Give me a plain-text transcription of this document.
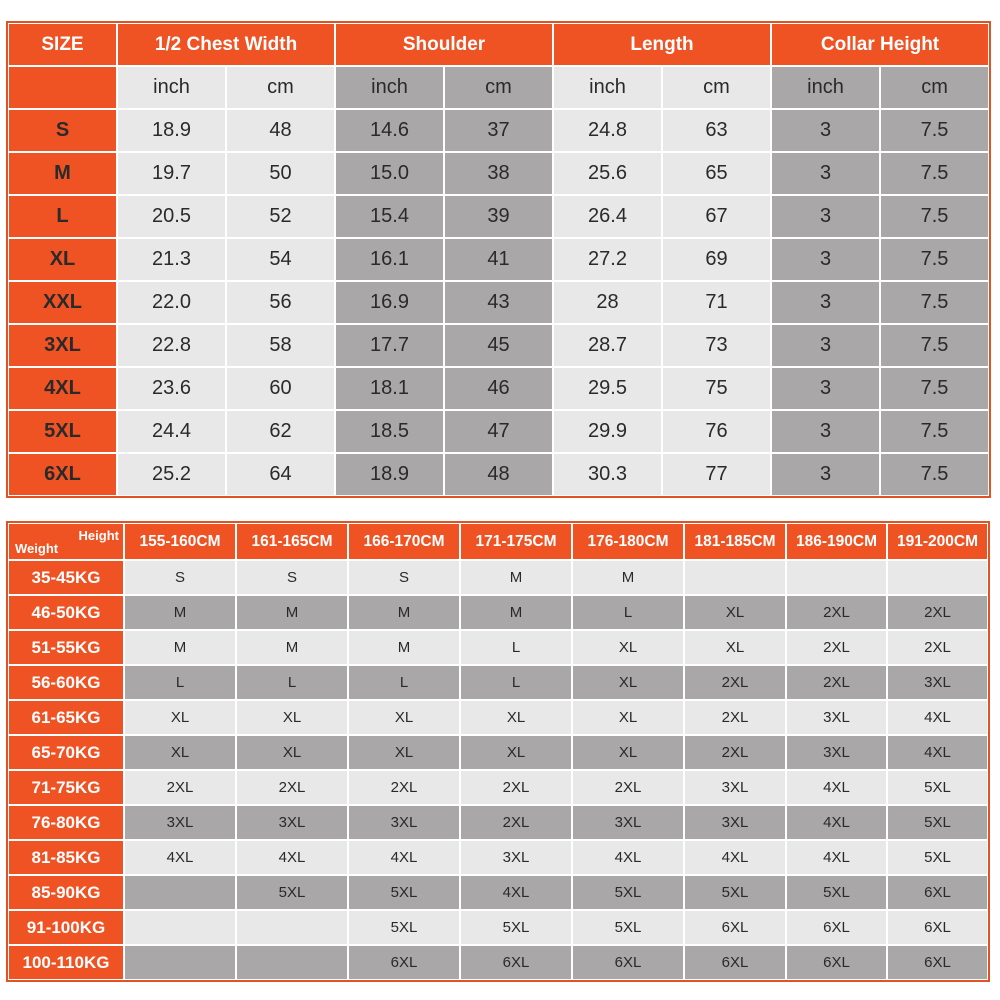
SIZE	1/2 Chest Width		Shoulder		Length		Collar Height	
	inch	cm	inch	cm	inch	cm	inch	cm
S	18.9	48	14.6	37	24.8	63	3	7.5
M	19.7	50	15.0	38	25.6	65	3	7.5
L	20.5	52	15.4	39	26.4	67	3	7.5
XL	21.3	54	16.1	41	27.2	69	3	7.5
XXL	22.0	56	16.9	43	28	71	3	7.5
3XL	22.8	58	17.7	45	28.7	73	3	7.5
4XL	23.6	60	18.1	46	29.5	75	3	7.5
5XL	24.4	62	18.5	47	29.9	76	3	7.5
6XL	25.2	64	18.9	48	30.3	77	3	7.5
Height
Weight	155-160CM	161-165CM	166-170CM	171-175CM	176-180CM	181-185CM	186-190CM	191-200CM
35-45KG	S	S	S	M	M			
46-50KG	M	M	M	M	L	XL	2XL	2XL
51-55KG	M	M	M	L	XL	XL	2XL	2XL
56-60KG	L	L	L	L	XL	2XL	2XL	3XL
61-65KG	XL	XL	XL	XL	XL	2XL	3XL	4XL
65-70KG	XL	XL	XL	XL	XL	2XL	3XL	4XL
71-75KG	2XL	2XL	2XL	2XL	2XL	3XL	4XL	5XL
76-80KG	3XL	3XL	3XL	2XL	3XL	3XL	4XL	5XL
81-85KG	4XL	4XL	4XL	3XL	4XL	4XL	4XL	5XL
85-90KG		5XL	5XL	4XL	5XL	5XL	5XL	6XL
91-100KG			5XL	5XL	5XL	6XL	6XL	6XL
100-110KG			6XL	6XL	6XL	6XL	6XL	6XL
